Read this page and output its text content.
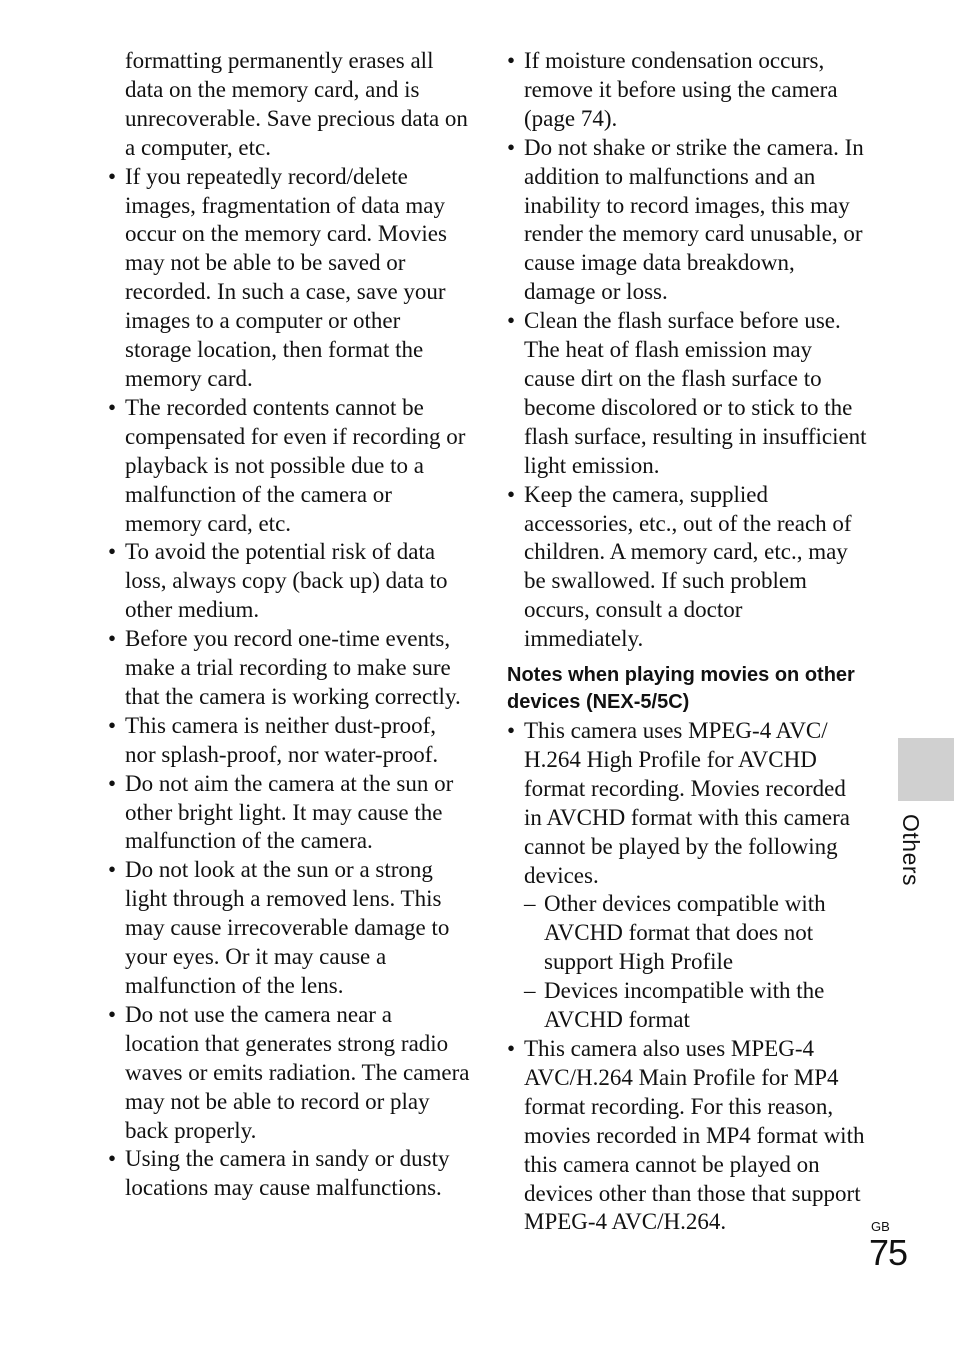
formatting permanently erases all data on the memory card, and is unrecoverable. Save precious data on a computer, etc.

• If you repeatedly record/delete images, fragmentation of data may occur on the memory card. Movies may not be able to be saved or recorded. In such a case, save your images to a computer or other storage location, then format the memory card.
• The recorded contents cannot be compensated for even if recording or playback is not possible due to a malfunction of the camera or memory card, etc.
• To avoid the potential risk of data loss, always copy (back up) data to other medium.
• Before you record one-time events, make a trial recording to make sure that the camera is working correctly.
• This camera is neither dust-proof, nor splash-proof, nor water-proof.
• Do not aim the camera at the sun or other bright light. It may cause the malfunction of the camera.
• Do not look at the sun or a strong light through a removed lens. This may cause irrecoverable damage to your eyes. Or it may cause a malfunction of the lens.
• Do not use the camera near a location that generates strong radio waves or emits radiation. The camera may not be able to record or play back properly.
• Using the camera in sandy or dusty locations may cause malfunctions.
• If moisture condensation occurs, remove it before using the camera (page 74).
• Do not shake or strike the camera. In addition to malfunctions and an inability to record images, this may render the memory card unusable, or cause image data breakdown, damage or loss.
• Clean the flash surface before use. The heat of flash emission may cause dirt on the flash surface to become discolored or to stick to the flash surface, resulting in insufficient light emission.
• Keep the camera, supplied accessories, etc., out of the reach of children. A memory card, etc., may be swallowed. If such problem occurs, consult a doctor immediately.
Notes when playing movies on other devices (NEX-5/5C)
• This camera uses MPEG-4 AVC/ H.264 High Profile for AVCHD format recording. Movies recorded in AVCHD format with this camera cannot be played by the following devices.
– Other devices compatible with AVCHD format that does not support High Profile
– Devices incompatible with the AVCHD format
• This camera also uses MPEG-4 AVC/H.264 Main Profile for MP4 format recording. For this reason, movies recorded in MP4 format with this camera cannot be played on devices other than those that support MPEG-4 AVC/H.264.
Others
GB
75
